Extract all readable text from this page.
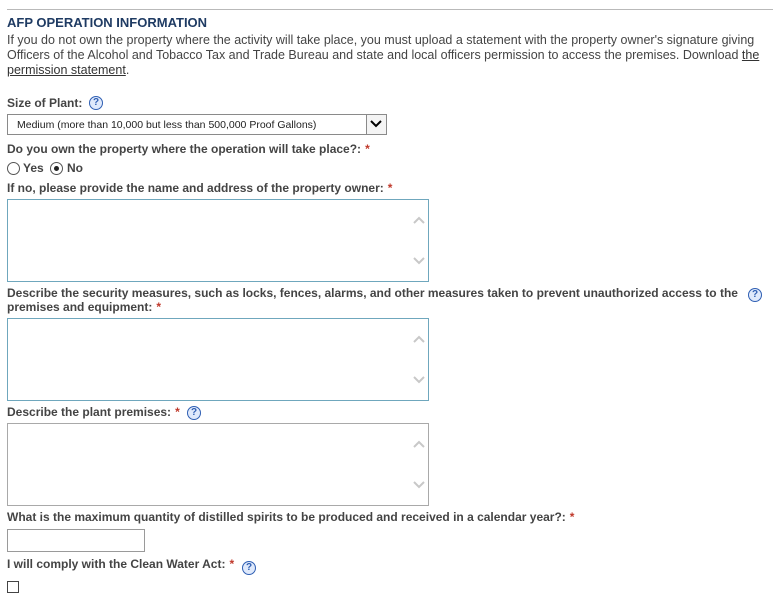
AFP OPERATION INFORMATION
If you do not own the property where the activity will take place, you must upload a statement with the property owner's signature giving Officers of the Alcohol and Tobacco Tax and Trade Bureau and state and local officers permission to access the premises. Download the permission statement.
Size of Plant:	?
Medium (more than 10,000 but less than 500,000 Proof Gallons)
Do you own the property where the operation will take place?: *
Yes No
If no, please provide the name and address of the property owner: *
Describe the security measures, such as locks, fences, alarms, and other measures taken to prevent unauthorized access to the
premises and equipment: *
?
Describe the plant premises: *	?
What is the maximum quantity of distilled spirits to be produced and received in a calendar year?: *
I will comply with the Clean Water Act: *	?
